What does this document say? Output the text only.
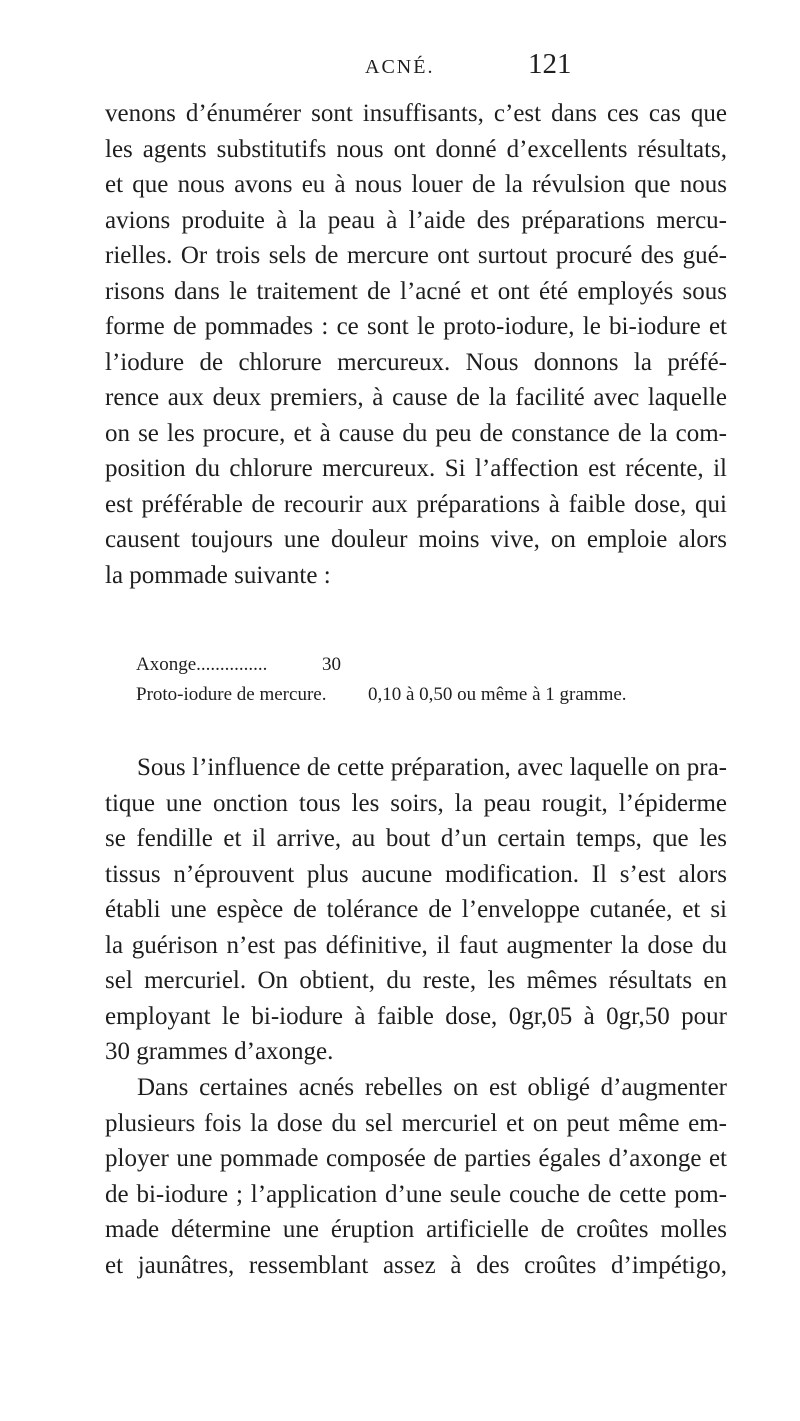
ACNÉ.	121
venons d’énumérer sont insuffisants, c’est dans ces cas que
les agents substitutifs nous ont donné d’excellents résultats,
et que nous avons eu à nous louer de la révulsion que nous
avions produite à la peau à l’aide des préparations mercu-
rielles. Or trois sels de mercure ont surtout procuré des gué-
risons dans le traitement de l’acné et ont été employés sous
forme de pommades : ce sont le proto-iodure, le bi-iodure et
l’iodure de chlorure mercureux. Nous donnons la préfé-
rence aux deux premiers, à cause de la facilité avec laquelle
on se les procure, et à cause du peu de constance de la com-
position du chlorure mercureux. Si l’affection est récente, il
est préférable de recourir aux préparations à faible dose, qui
causent toujours une douleur moins vive, on emploie alors
la pommade suivante :
Axonge...............	30
Proto-iodure de mercure. 0,10 à 0,50 ou même à 1 gramme.
Sous l’influence de cette préparation, avec laquelle on pra-
tique une onction tous les soirs, la peau rougit, l’épiderme
se fendille et il arrive, au bout d’un certain temps, que les
tissus n’éprouvent plus aucune modification. Il s’est alors
établi une espèce de tolérance de l’enveloppe cutanée, et si
la guérison n’est pas définitive, il faut augmenter la dose du
sel mercuriel. On obtient, du reste, les mêmes résultats en
employant le bi-iodure à faible dose, 0gr,05 à 0gr,50 pour
30 grammes d’axonge.
Dans certaines acnés rebelles on est obligé d’augmenter
plusieurs fois la dose du sel mercuriel et on peut même em-
ployer une pommade composée de parties égales d’axonge et
de bi-iodure ; l’application d’une seule couche de cette pom-
made détermine une éruption artificielle de croûtes molles
et jaunâtres, ressemblant assez à des croûtes d’impétigo,
